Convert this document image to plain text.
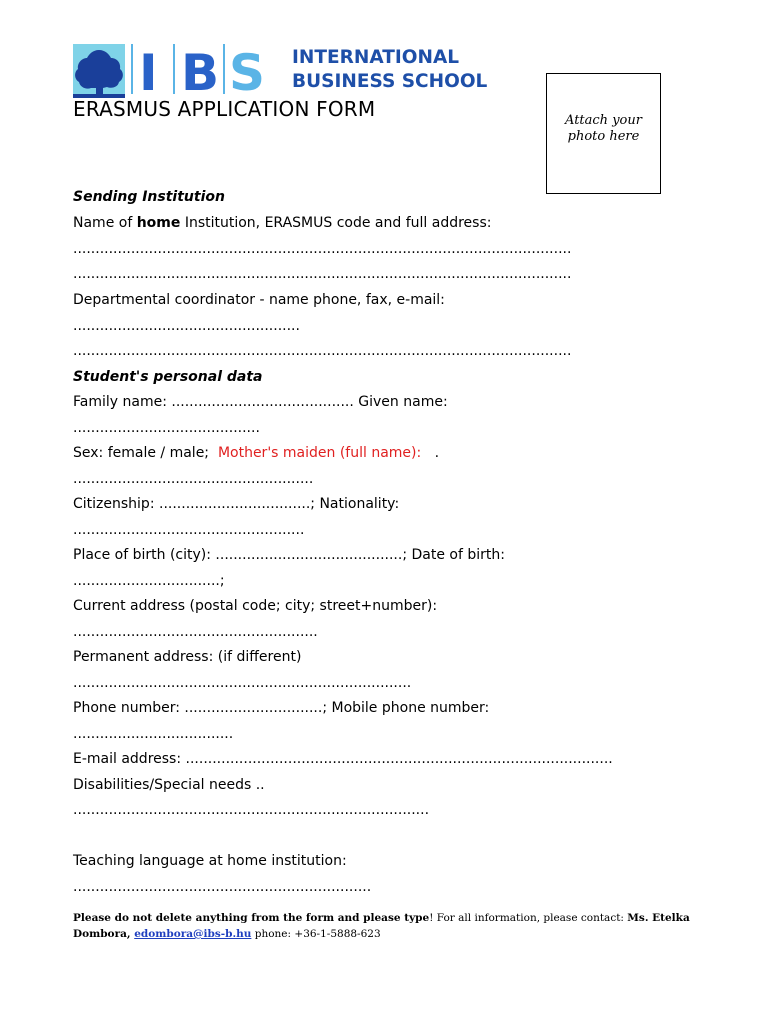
I B S INTERNATIONAL
BUSINESS SCHOOL
ERASMUS APPLICATION FORM	Attach your
photo here
Sending Institution
Name of home Institution, ERASMUS code and full address:
................................................................................................................
................................................................................................................
Departmental coordinator - name phone, fax, e-mail:
...................................................
................................................................................................................
Student's personal data
Family name: ......................................... Given name:
..........................................
Sex: female / male; Mother's maiden (full name): .
......................................................
Citizenship: ..................................; Nationality:
....................................................
Place of birth (city): ..........................................; Date of birth:
.................................;
Current address (postal code; city; street+number):
.......................................................
Permanent address: (if different)
............................................................................
Phone number: ...............................; Mobile phone number:
....................................
E-mail address: ................................................................................................
Disabilities/Special needs ..
................................................................................
Teaching language at home institution:
...................................................................
Please do not delete anything from the form and please type! For all information, please contact: Ms. Etelka
Dombora, edombora@ibs-b.hu phone: +36-1-5888-623
